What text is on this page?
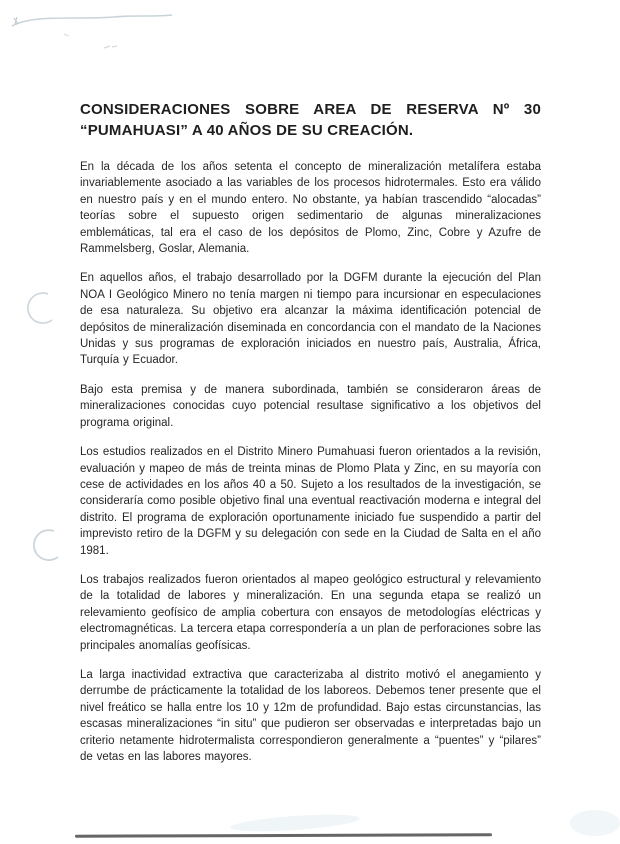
CONSIDERACIONES SOBRE AREA DE RESERVA Nº 30
“PUMAHUASI” A 40 AÑOS DE SU CREACIÓN.

En la década de los años setenta el concepto de mineralización metalífera estaba invariablemente asociado a las variables de los procesos hidrotermales. Esto era válido en nuestro país y en el mundo entero. No obstante, ya habían trascendido “alocadas” teorías sobre el supuesto origen sedimentario de algunas mineralizaciones emblemáticas, tal era el caso de los depósitos de Plomo, Zinc, Cobre y Azufre de Rammelsberg, Goslar, Alemania.

En aquellos años, el trabajo desarrollado por la DGFM durante la ejecución del Plan NOA I Geológico Minero no tenía margen ni tiempo para incursionar en especulaciones de esa naturaleza. Su objetivo era alcanzar la máxima identificación potencial de depósitos de mineralización diseminada en concordancia con el mandato de la Naciones Unidas y sus programas de exploración iniciados en nuestro país, Australia, África, Turquía y Ecuador.

Bajo esta premisa y de manera subordinada, también se consideraron áreas de mineralizaciones conocidas cuyo potencial resultase significativo a los objetivos del programa original.

Los estudios realizados en el Distrito Minero Pumahuasi fueron orientados a la revisión, evaluación y mapeo de más de treinta minas de Plomo Plata y Zinc, en su mayoría con cese de actividades en los años 40 a 50. Sujeto a los resultados de la investigación, se consideraría como posible objetivo final una eventual reactivación moderna e integral del distrito. El programa de exploración oportunamente iniciado fue suspendido a partir del imprevisto retiro de la DGFM y su delegación con sede en la Ciudad de Salta en el año 1981.

Los trabajos realizados fueron orientados al mapeo geológico estructural y relevamiento de la totalidad de labores y mineralización. En una segunda etapa se realizó un relevamiento geofísico de amplia cobertura con ensayos de metodologías eléctricas y electromagnéticas. La tercera etapa correspondería a un plan de perforaciones sobre las principales anomalías geofísicas.

La larga inactividad extractiva que caracterizaba al distrito motivó el anegamiento y derrumbe de prácticamente la totalidad de los laboreos. Debemos tener presente que el nivel freático se halla entre los 10 y 12m de profundidad. Bajo estas circunstancias, las escasas mineralizaciones “in situ” que pudieron ser observadas e interpretadas bajo un criterio netamente hidrotermalista correspondieron generalmente a “puentes” y “pilares” de vetas en las labores mayores.
